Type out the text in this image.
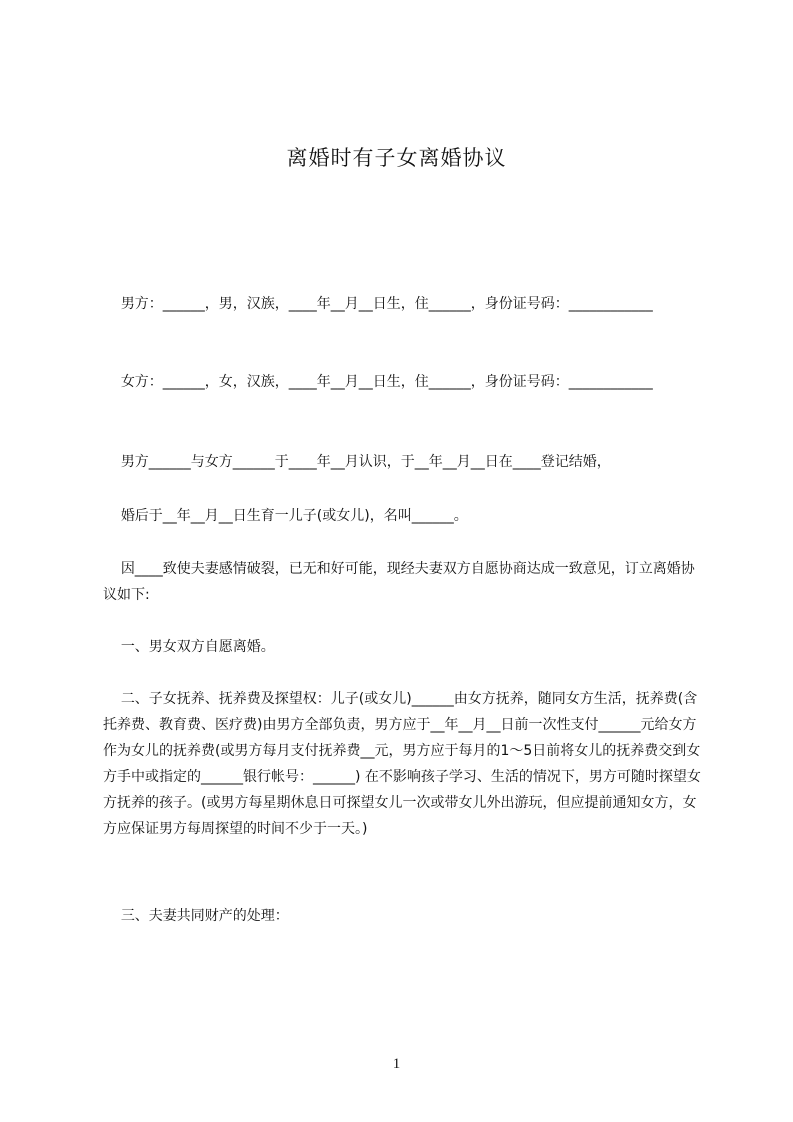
离婚时有子女离婚协议
男方：______，男，汉族，____年__月__日生，住______，身份证号码：____________
女方：______，女，汉族，____年__月__日生，住______，身份证号码：____________
男方______与女方______于____年__月认识，于__年__月__日在____登记结婚，
婚后于__年__月__日生育一儿子(或女儿)，名叫______。
因____致使夫妻感情破裂，已无和好可能，现经夫妻双方自愿协商达成一致意见，订立离婚协议如下:
一、男女双方自愿离婚。
二、子女抚养、抚养费及探望权：儿子(或女儿)______由女方抚养，随同女方生活，抚养费(含托养费、教育费、医疗费)由男方全部负责，男方应于__年__月__日前一次性支付______元给女方作为女儿的抚养费(或男方每月支付抚养费__元，男方应于每月的1～5日前将女儿的抚养费交到女方手中或指定的______银行帐号：______) 在不影响孩子学习、生活的情况下，男方可随时探望女方抚养的孩子。(或男方每星期休息日可探望女儿一次或带女儿外出游玩，但应提前通知女方，女方应保证男方每周探望的时间不少于一天。)
三、夫妻共同财产的处理：
1
